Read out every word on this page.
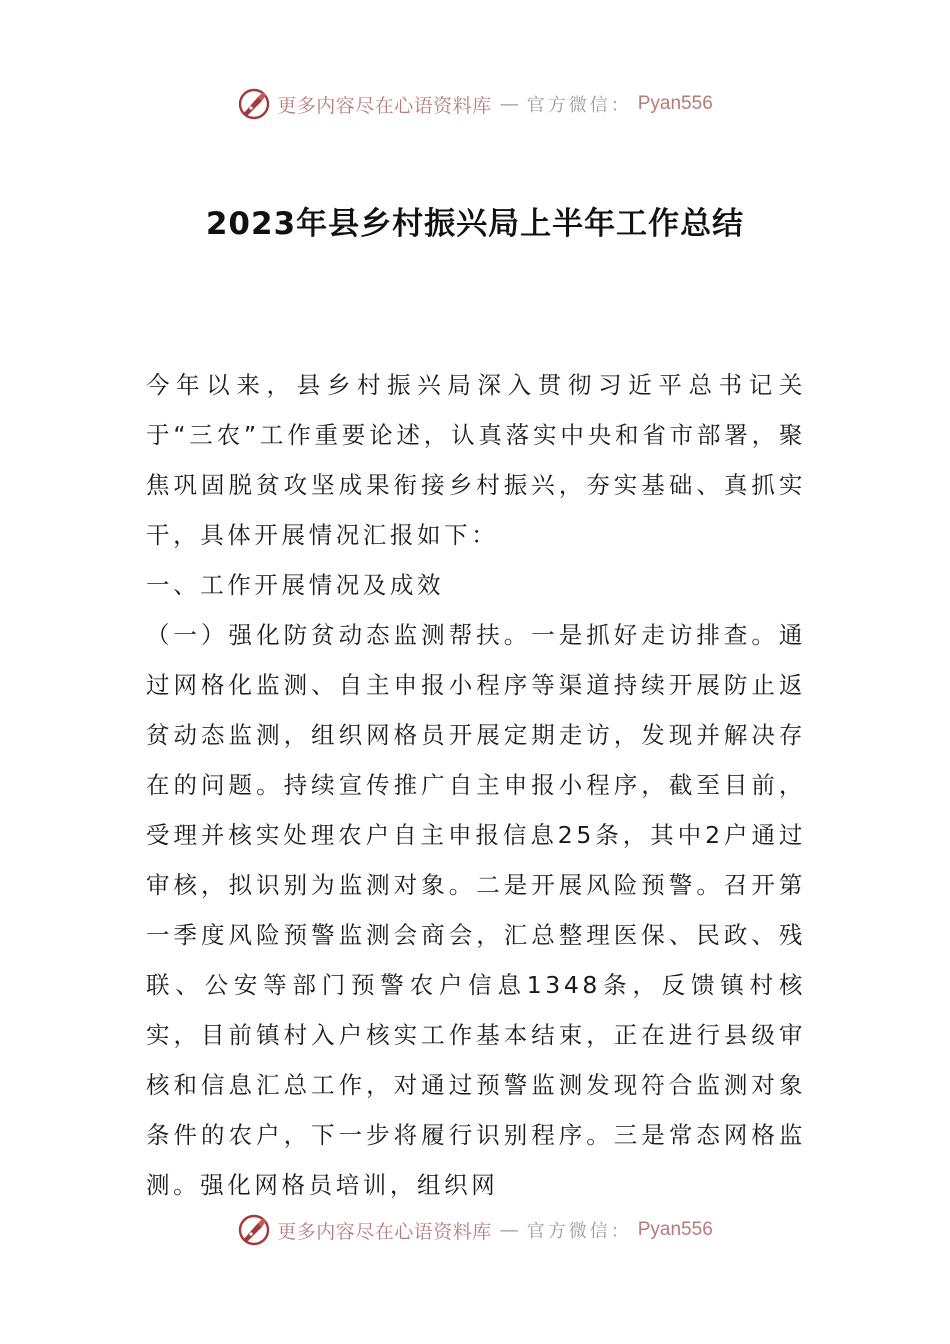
更多内容尽在心语资料库 — 官方微信： Pyan556
2023年县乡村振兴局上半年工作总结

今年以来，县乡村振兴局深入贯彻习近平总书记关于“三农”工作重要论述，认真落实中央和省市部署，聚焦巩固脱贫攻坚成果衔接乡村振兴，夯实基础、真抓实干，具体开展情况汇报如下：

一、工作开展情况及成效

（一）强化防贫动态监测帮扶。一是抓好走访排查。通过网格化监测、自主申报小程序等渠道持续开展防止返贫动态监测，组织网格员开展定期走访，发现并解决存在的问题。持续宣传推广自主申报小程序，截至目前，受理并核实处理农户自主申报信息25条，其中2户通过审核，拟识别为监测对象。二是开展风险预警。召开第一季度风险预警监测会商会，汇总整理医保、民政、残联、公安等部门预警农户信息1348条，反馈镇村核实，目前镇村入户核实工作基本结束，正在进行县级审核和信息汇总工作，对通过预警监测发现符合监测对象条件的农户，下一步将履行识别程序。三是常态网格监测。强化网格员培训，组织网

更多内容尽在心语资料库 — 官方微信： Pyan556
